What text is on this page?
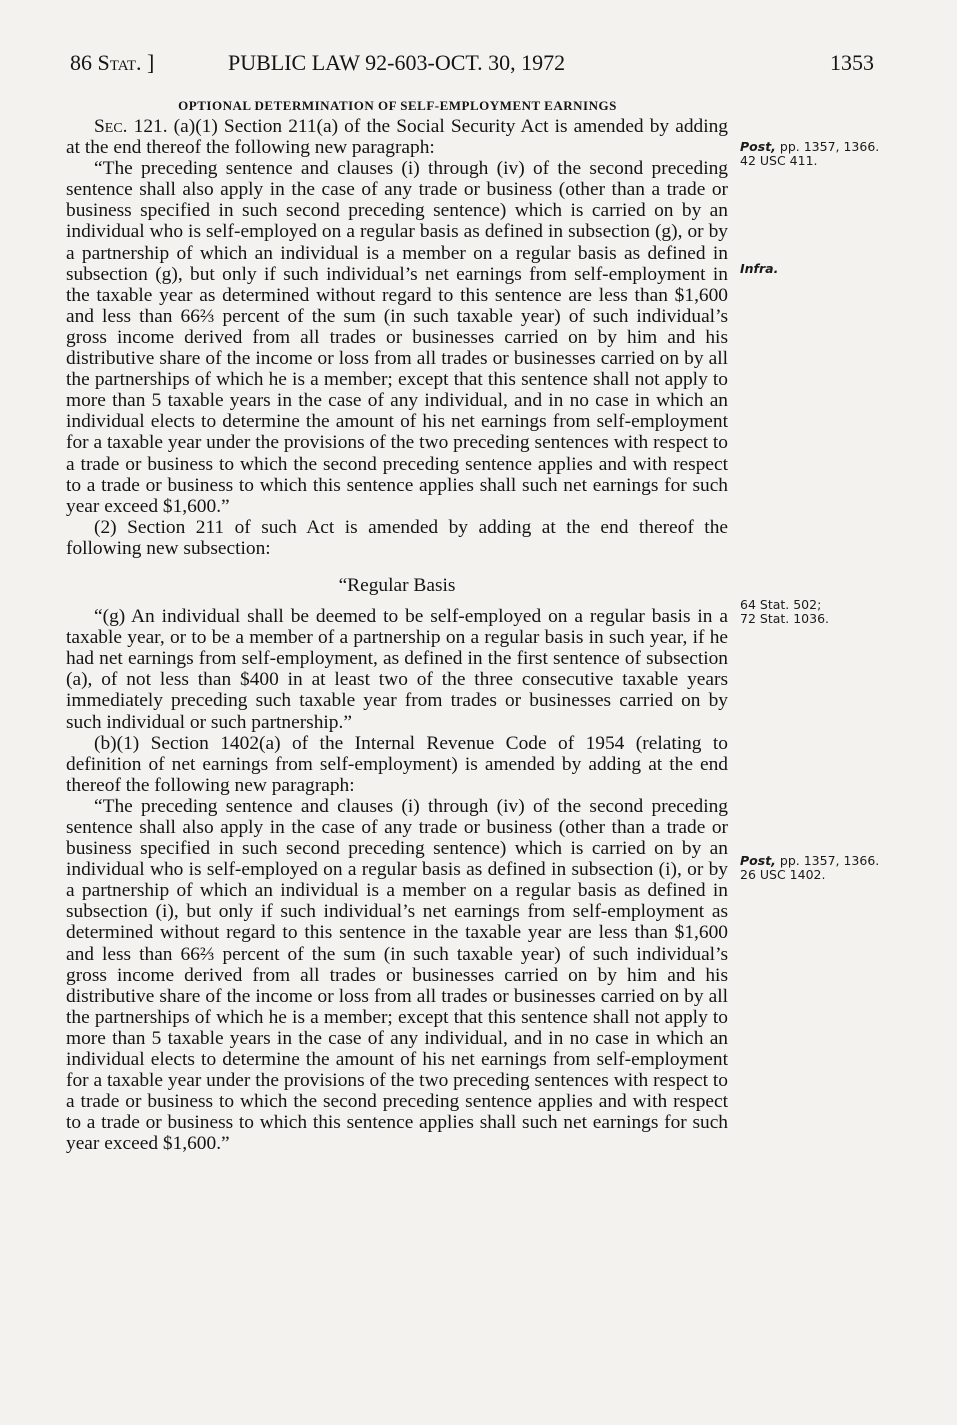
86 Stat. ]	PUBLIC LAW 92-603-OCT. 30, 1972	1353
OPTIONAL DETERMINATION OF SELF-EMPLOYMENT EARNINGS

Sec. 121. (a)(1) Section 211(a) of the Social Security Act is amended by adding at the end thereof the following new paragraph:

“The preceding sentence and clauses (i) through (iv) of the second preceding sentence shall also apply in the case of any trade or business (other than a trade or business specified in such second preceding sentence) which is carried on by an individual who is self-employed on a regular basis as defined in subsection (g), or by a partnership of which an individual is a member on a regular basis as defined in subsection (g), but only if such individual’s net earnings from self-employment in the taxable year as determined without regard to this sentence are less than $1,600 and less than 66⅔ percent of the sum (in such taxable year) of such individual’s gross income derived from all trades or businesses carried on by him and his distributive share of the income or loss from all trades or businesses carried on by all the partnerships of which he is a member; except that this sentence shall not apply to more than 5 taxable years in the case of any individual, and in no case in which an individual elects to determine the amount of his net earnings from self-employment for a taxable year under the provisions of the two preceding sentences with respect to a trade or business to which the second preceding sentence applies and with respect to a trade or business to which this sentence applies shall such net earnings for such year exceed $1,600.”

(2) Section 211 of such Act is amended by adding at the end thereof the following new subsection:

“Regular Basis

“(g) An individual shall be deemed to be self-employed on a regular basis in a taxable year, or to be a member of a partnership on a regular basis in such year, if he had net earnings from self-employment, as defined in the first sentence of subsection (a), of not less than $400 in at least two of the three consecutive taxable years immediately preceding such taxable year from trades or businesses carried on by such individual or such partnership.”

(b)(1) Section 1402(a) of the Internal Revenue Code of 1954 (relating to definition of net earnings from self-employment) is amended by adding at the end thereof the following new paragraph:

“The preceding sentence and clauses (i) through (iv) of the second preceding sentence shall also apply in the case of any trade or business (other than a trade or business specified in such second preceding sentence) which is carried on by an individual who is self-employed on a regular basis as defined in subsection (i), or by a partnership of which an individual is a member on a regular basis as defined in subsection (i), but only if such individual’s net earnings from self-employment as determined without regard to this sentence in the taxable year are less than $1,600 and less than 66⅔ percent of the sum (in such taxable year) of such individual’s gross income derived from all trades or businesses carried on by him and his distributive share of the income or loss from all trades or businesses carried on by all the partnerships of which he is a member; except that this sentence shall not apply to more than 5 taxable years in the case of any individual, and in no case in which an individual elects to determine the amount of his net earnings from self-employment for a taxable year under the provisions of the two preceding sentences with respect to a trade or business to which the second preceding sentence applies and with respect to a trade or business to which this sentence applies shall such net earnings for such year exceed $1,600.”

Post, pp. 1357, 1366.
42 USC 411.
Infra.
64 Stat. 502;
72 Stat. 1036.
Post, pp. 1357, 1366.
26 USC 1402.
